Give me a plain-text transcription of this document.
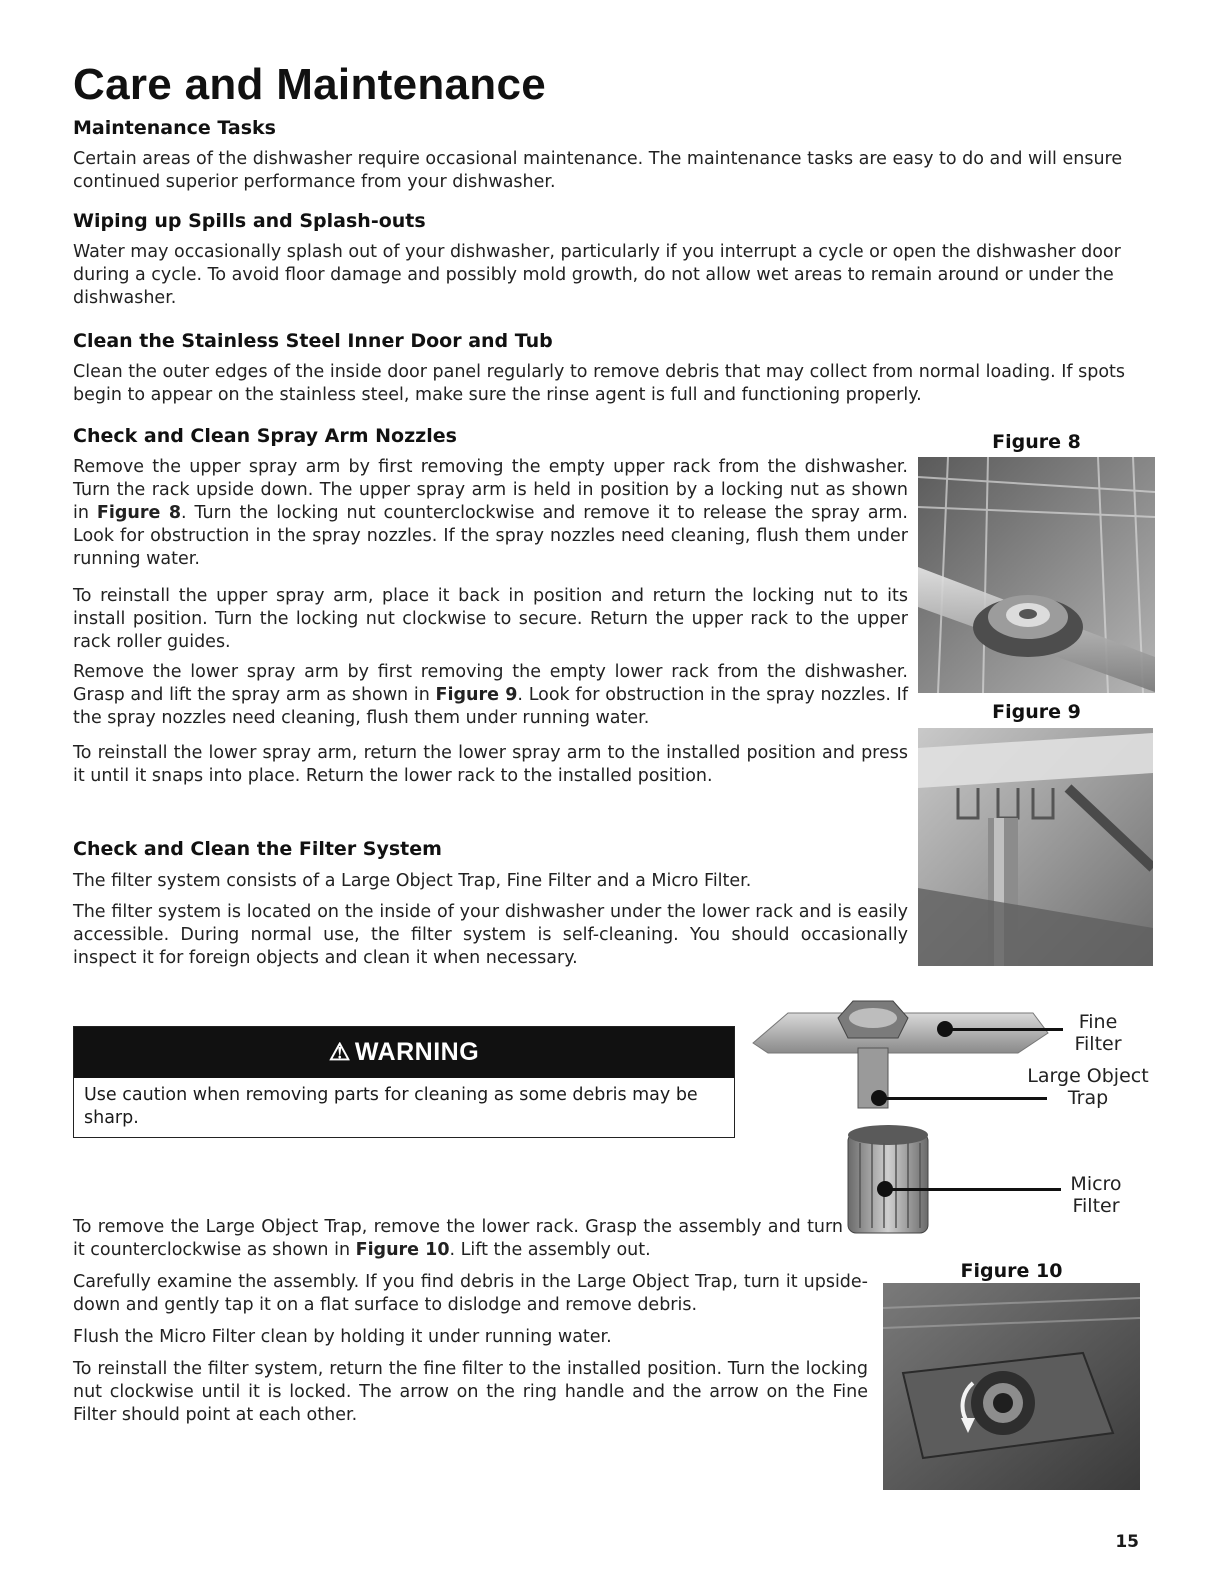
Care and Maintenance
Maintenance Tasks

Certain areas of the dishwasher require occasional maintenance. The maintenance tasks are easy to do and will ensure continued superior performance from your dishwasher.

Wiping up Spills and Splash-outs

Water may occasionally splash out of your dishwasher, particularly if you interrupt a cycle or open the dishwasher door during a cycle. To avoid floor damage and possibly mold growth, do not allow wet areas to remain around or under the dishwasher.

Clean the Stainless Steel Inner Door and Tub

Clean the outer edges of the inside door panel regularly to remove debris that may collect from normal loading. If spots begin to appear on the stainless steel, make sure the rinse agent is full and functioning properly.

Check and Clean Spray Arm Nozzles

Remove the upper spray arm by first removing the empty upper rack from the dishwasher. Turn the rack upside down. The upper spray arm is held in position by a locking nut as shown in Figure 8. Turn the locking nut counterclockwise and remove it to release the spray arm. Look for obstruction in the spray nozzles. If the spray nozzles need cleaning, flush them under running water.

To reinstall the upper spray arm, place it back in position and return the locking nut to its install position. Turn the locking nut clockwise to secure. Return the upper rack to the upper rack roller guides.

Remove the lower spray arm by first removing the empty lower rack from the dishwasher. Grasp and lift the spray arm as shown in Figure 9. Look for obstruction in the spray nozzles. If the spray nozzles need cleaning, flush them under running water.

To reinstall the lower spray arm, return the lower spray arm to the installed position and press it until it snaps into place. Return the lower rack to the installed position.

Check and Clean the Filter System

The filter system consists of a Large Object Trap, Fine Filter and a Micro Filter.

The filter system is located on the inside of your dishwasher under the lower rack and is easily accessible. During normal use, the filter system is self-cleaning. You should occasionally inspect it for foreign objects and clean it when necessary.

Figure 8
Figure 9
Fine
Filter
Large Object
Trap
Micro
Filter
⚠ WARNING
Use caution when removing parts for cleaning as some debris may be sharp.

To remove the Large Object Trap, remove the lower rack. Grasp the assembly and turn it counterclockwise as shown in Figure 10. Lift the assembly out.

Carefully examine the assembly. If you find debris in the Large Object Trap, turn it upside-down and gently tap it on a flat surface to dislodge and remove debris.

Flush the Micro Filter clean by holding it under running water.

To reinstall the filter system, return the fine filter to the installed position. Turn the locking nut clockwise until it is locked. The arrow on the ring handle and the arrow on the Fine Filter should point at each other.

Figure 10
15
